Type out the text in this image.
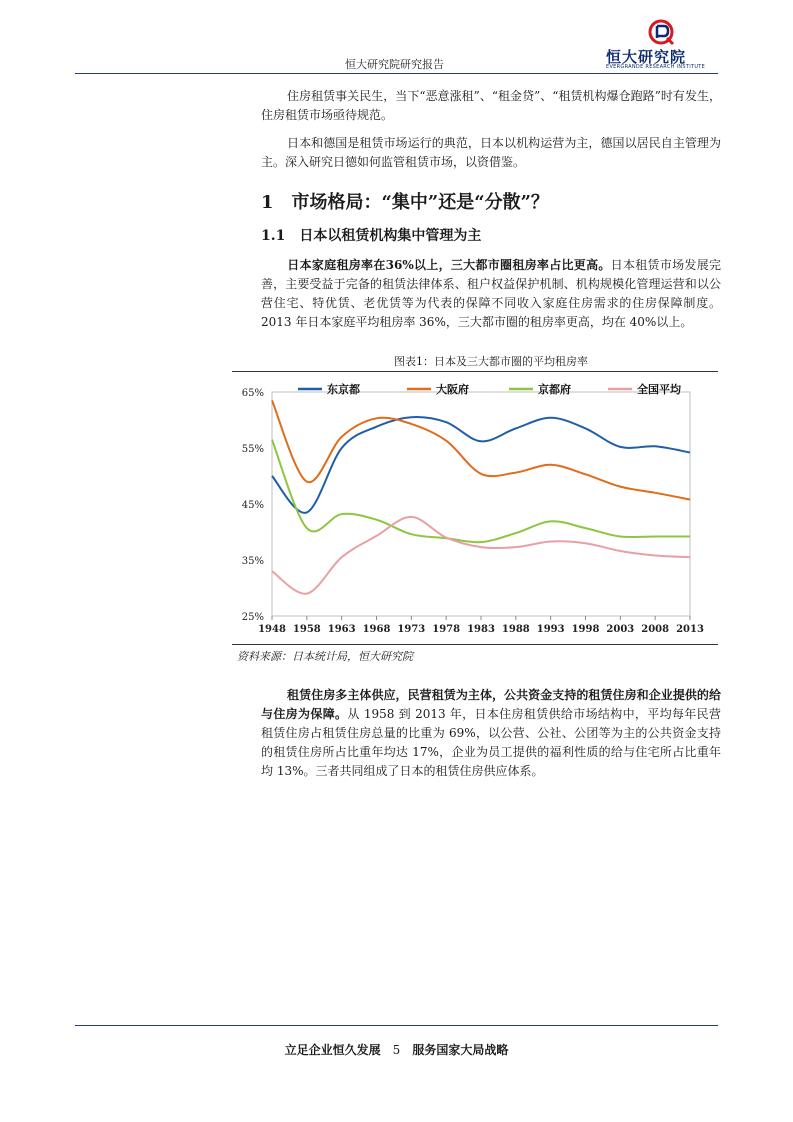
恒大研究院研究报告	恒大研究院
EVERGRANDE RESEARCH INSTITUTE

住房租赁事关民生，当下“恶意涨租”、“租金贷”、“租赁机构爆仓跑路”时有发生，住房租赁市场亟待规范。

日本和德国是租赁市场运行的典范，日本以机构运营为主，德国以居民自主管理为主。深入研究日德如何监管租赁市场，以资借鉴。

1　市场格局：“集中”还是“分散”？
1.1　日本以租赁机构集中管理为主

日本家庭租房率在36%以上，三大都市圈租房率占比更高。日本租赁市场发展完善，主要受益于完备的租赁法律体系、租户权益保护机制、机构规模化管理运营和以公营住宅、特优赁、老优赁等为代表的保障不同收入家庭住房需求的住房保障制度。2013 年日本家庭平均租房率 36%，三大都市圈的租房率更高，均在 40%以上。

图表1：日本及三大都市圈的平均租房率

25%
35%
45%
55%
65%
1948 1958 1963 1968 1973 1978 1983 1988 1993 1998 2003 2008 2013
东京都	大阪府	京都府	全国平均

资料来源：日本统计局，恒大研究院

租赁住房多主体供应，民营租赁为主体，公共资金支持的租赁住房和企业提供的给与住房为保障。从 1958 到 2013 年，日本住房租赁供给市场结构中，平均每年民营租赁住房占租赁住房总量的比重为 69%，以公营、公社、公团等为主的公共资金支持的租赁住房所占比重年均达 17%，企业为员工提供的福利性质的给与住宅所占比重年均 13%。三者共同组成了日本的租赁住房供应体系。

立足企业恒久发展 5 服务国家大局战略
